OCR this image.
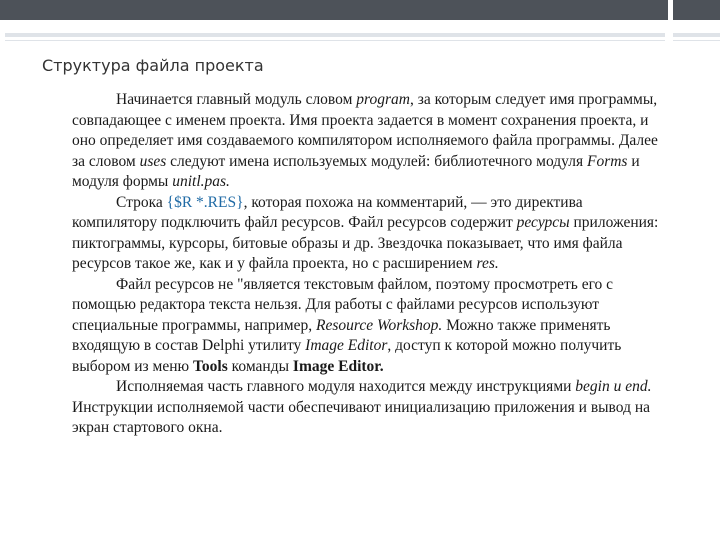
Структура файла проекта

Начинается главный модуль словом program, за которым следует имя программы, совпадающее с именем проекта. Имя проекта задается в момент сохранения проекта, и оно определяет имя создаваемого компилятором исполняемого файла программы. Далее за словом uses следуют имена используемых модулей: библиотечного модуля Forms и модуля формы unitl.pas.

Строка {$R *.RES}, которая похожа на комментарий, — это директива компилятору подключить файл ресурсов. Файл ресурсов содержит ресурсы приложения: пиктограммы, курсоры, битовые образы и др. Звездочка показывает, что имя файла ресурсов такое же, как и у файла проекта, но с расширением res.

Файл ресурсов не "является текстовым файлом, поэтому просмотреть его с помощью редактора текста нельзя. Для работы с файлами ресурсов используют специальные программы, например, Resource Workshop. Можно также применять входящую в состав Delphi утилиту Image Editor, доступ к которой можно получить выбором из меню Tools команды Image Editor.

Исполняемая часть главного модуля находится между инструкциями begin и end. Инструкции исполняемой части обеспечивают инициализацию приложения и вывод на экран стартового окна.
